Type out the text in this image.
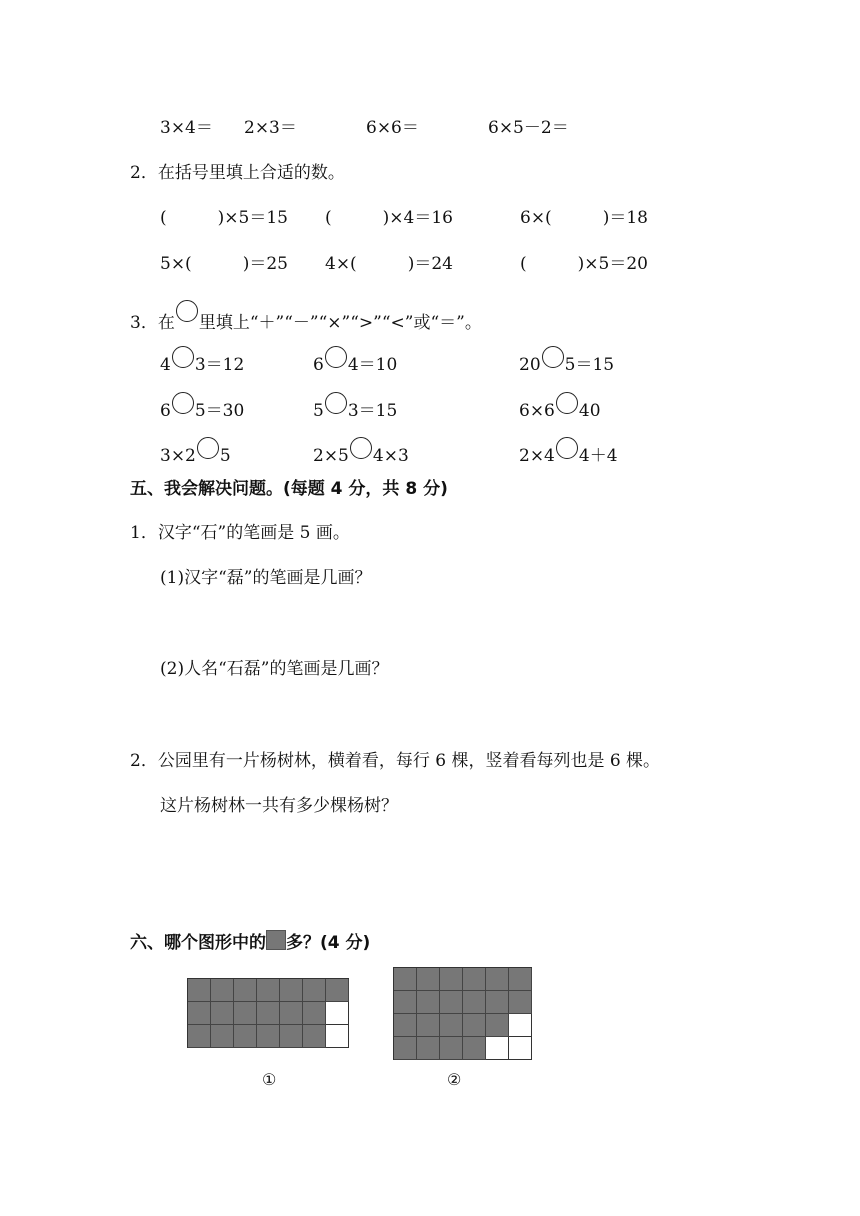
3×4＝ 2×3＝	6×6＝	6×5－2＝
2．在括号里填上合适的数。
(　　　)×5＝15 (　　　)×4＝16	6×(　　　)＝18
5×(　　　)＝25 4×(　　　)＝24	(　　　)×5＝20
3．在 里填上“＋”“－”“×”“>”“<”或“＝”。
4 3＝12	6 4＝10	20 5＝15
6 5＝30	5 3＝15	6×6 40
3×2 5	2×5 4×3	2×4 4＋4
五、我会解决问题。(每题 4 分，共 8 分)
1．汉字“石”的笔画是 5 画。
(1)汉字“磊”的笔画是几画？
(2)人名“石磊”的笔画是几画？
2．公园里有一片杨树林，横着看，每行 6 棵，竖着看每列也是 6 棵。
这片杨树林一共有多少棵杨树？
六、哪个图形中的 多？(4 分)
①	②
